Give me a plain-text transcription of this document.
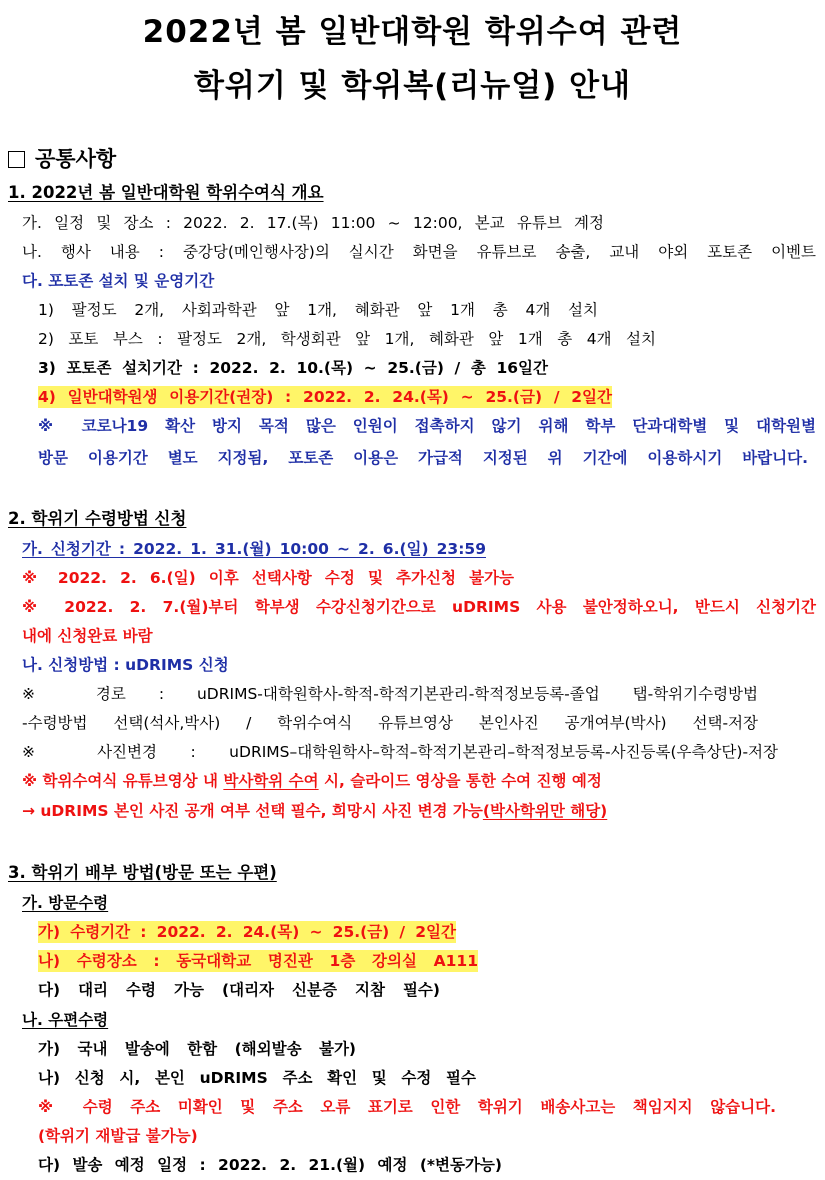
2022년 봄 일반대학원 학위수여 관련
학위기 및 학위복(리뉴얼) 안내
공통사항
1. 2022년 봄 일반대학원 학위수여식 개요
가. 일정 및 장소 : 2022. 2. 17.(목) 11:00 ~ 12:00, 본교 유튜브 계정
나. 행사 내용 : 중강당(메인행사장)의 실시간 화면을 유튜브로 송출, 교내 야외 포토존 이벤트
다. 포토존 설치 및 운영기간
1) 팔정도 2개, 사회과학관 앞 1개, 혜화관 앞 1개 총 4개 설치
2) 포토 부스 : 팔정도 2개, 학생회관 앞 1개, 혜화관 앞 1개 총 4개 설치
3) 포토존 설치기간 : 2022. 2. 10.(목) ~ 25.(금) / 총 16일간
4) 일반대학원생 이용기간(권장) : 2022. 2. 24.(목) ~ 25.(금) / 2일간
※ 코로나19 확산 방지 목적 많은 인원이 접촉하지 않기 위해 학부 단과대학별 및 대학원별
방문 이용기간 별도 지정됨, 포토존 이용은 가급적 지정된 위 기간에 이용하시기 바랍니다.
2. 학위기 수령방법 신청
가. 신청기간 : 2022. 1. 31.(월) 10:00 ~ 2. 6.(일) 23:59
※ 2022. 2. 6.(일) 이후 선택사항 수정 및 추가신청 불가능
※ 2022. 2. 7.(월)부터 학부생 수강신청기간으로 uDRIMS 사용 불안정하오니, 반드시 신청기간
내에 신청완료 바람
나. 신청방법 : uDRIMS 신청
※ 경로 : uDRIMS-대학원학사-학적-학적기본관리-학적정보등록-졸업 탭-학위기수령방법
-수령방법 선택(석사,박사) / 학위수여식 유튜브영상 본인사진 공개여부(박사) 선택-저장
※ 사진변경 : uDRIMS–대학원학사–학적–학적기본관리–학적정보등록-사진등록(우측상단)-저장
※ 학위수여식 유튜브영상 내 박사학위 수여 시, 슬라이드 영상을 통한 수여 진행 예정
→ uDRIMS 본인 사진 공개 여부 선택 필수, 희망시 사진 변경 가능(박사학위만 해당)
3. 학위기 배부 방법(방문 또는 우편)
가. 방문수령
가) 수령기간 : 2022. 2. 24.(목) ~ 25.(금) / 2일간
나) 수령장소 : 동국대학교 명진관 1층 강의실 A111
다) 대리 수령 가능 (대리자 신분증 지참 필수)
나. 우편수령
가) 국내 발송에 한함 (해외발송 불가)
나) 신청 시, 본인 uDRIMS 주소 확인 및 수정 필수
※ 수령 주소 미확인 및 주소 오류 표기로 인한 학위기 배송사고는 책임지지 않습니다.
(학위기 재발급 불가능)
다) 발송 예정 일정 : 2022. 2. 21.(월) 예정 (*변동가능)
